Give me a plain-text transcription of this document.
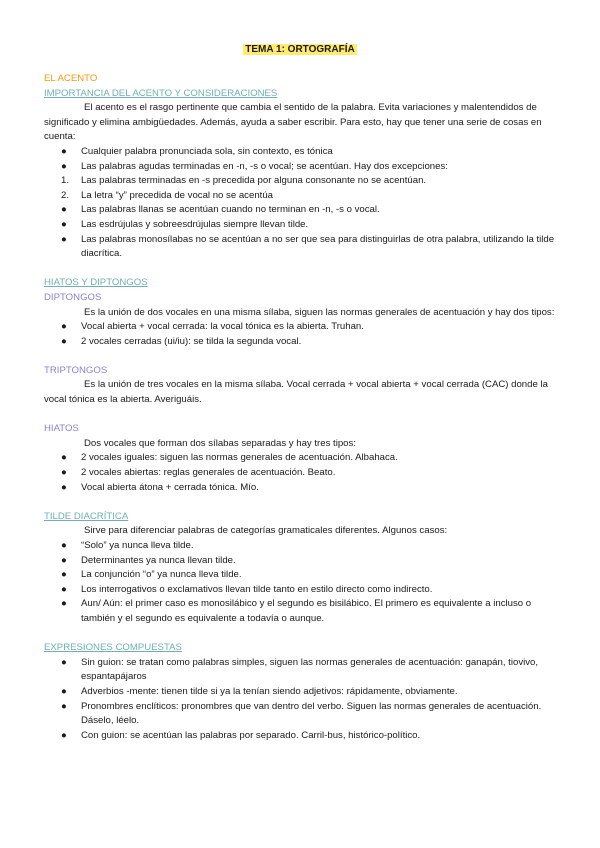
TEMA 1: ORTOGRAFÍA
EL ACENTO
IMPORTANCIA DEL ACENTO Y CONSIDERACIONES
El acento es el rasgo pertinente que cambia el sentido de la palabra. Evita variaciones y malentendidos de significado y elimina ambigüedades. Además, ayuda a saber escribir. Para esto, hay que tener una serie de cosas en cuenta:
● Cualquier palabra pronunciada sola, sin contexto, es tónica
● Las palabras agudas terminadas en -n, -s o vocal; se acentúan. Hay dos excepciones:
1. Las palabras terminadas en -s precedida por alguna consonante no se acentúan.
2. La letra “y” precedida de vocal no se acentúa
● Las palabras llanas se acentúan cuando no terminan en -n, -s o vocal.
● Las esdrújulas y sobreesdrújulas siempre llevan tilde.
● Las palabras monosílabas no se acentúan a no ser que sea para distinguirlas de otra palabra, utilizando la tilde diacrítica.
HIATOS Y DIPTONGOS
DIPTONGOS
Es la unión de dos vocales en una misma sílaba, siguen las normas generales de acentuación y hay dos tipos:
● Vocal abierta + vocal cerrada: la vocal tónica es la abierta. Truhan.
● 2 vocales cerradas (ui/iu): se tilda la segunda vocal.
TRIPTONGOS
Es la unión de tres vocales en la misma sílaba. Vocal cerrada + vocal abierta + vocal cerrada (CAC) donde la vocal tónica es la abierta. Averiguáis.
HIATOS
Dos vocales que forman dos sílabas separadas y hay tres tipos:
● 2 vocales iguales: siguen las normas generales de acentuación. Albahaca.
● 2 vocales abiertas: reglas generales de acentuación. Beato.
● Vocal abierta átona + cerrada tónica. Mío.
TILDE DIACRÍTICA
Sirve para diferenciar palabras de categorías gramaticales diferentes. Algunos casos:
● “Solo” ya nunca lleva tilde.
● Determinantes ya nunca llevan tilde.
● La conjunción “o” ya nunca lleva tilde.
● Los interrogativos o exclamativos llevan tilde tanto en estilo directo como indirecto.
● Aun/ Aún: el primer caso es monosilábico y el segundo es bisilábico. El primero es equivalente a incluso o también y el segundo es equivalente a todavía o aunque.
EXPRESIONES COMPUESTAS
● Sin guion: se tratan como palabras simples, siguen las normas generales de acentuación: ganapán, tiovivo, espantapájaros
● Adverbios -mente: tienen tilde si ya la tenían siendo adjetivos: rápidamente, obviamente.
● Pronombres enclíticos: pronombres que van dentro del verbo. Siguen las normas generales de acentuación. Dáselo, léelo.
● Con guion: se acentúan las palabras por separado. Carril-bus, histórico-político.
